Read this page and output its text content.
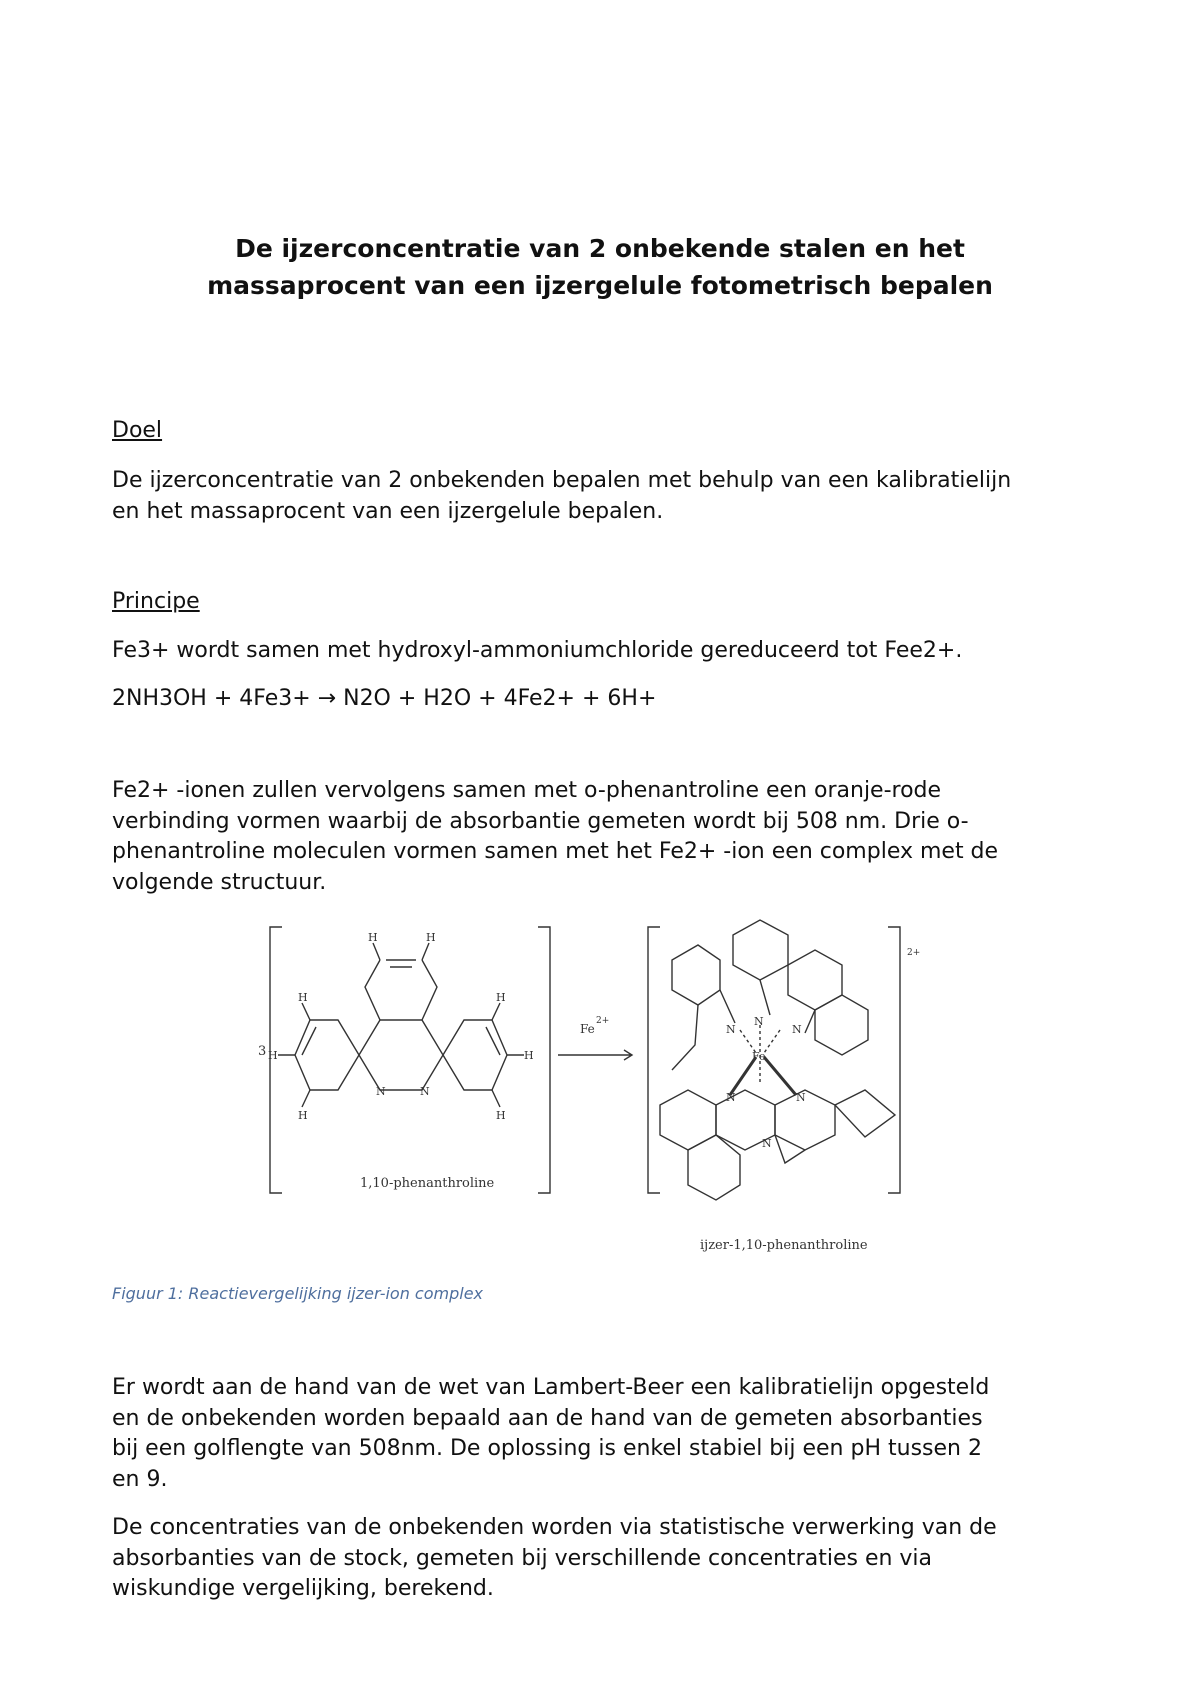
De ijzerconcentratie van 2 onbekende stalen en het
massaprocent van een ijzergelule fotometrisch bepalen
Doel
De ijzerconcentratie van 2 onbekenden bepalen met behulp van een kalibratielijn
en het massaprocent van een ijzergelule bepalen.
Principe
Fe3+ wordt samen met hydroxyl-ammoniumchloride gereduceerd tot Fee2+.
2NH3OH + 4Fe3+ → N2O + H2O + 4Fe2+ + 6H+
Fe2+ -ionen zullen vervolgens samen met o-phenantroline een oranje-rode
verbinding vormen waarbij de absorbantie gemeten wordt bij 508 nm. Drie o-
phenantroline moleculen vormen samen met het Fe2+ -ion een complex met de
volgende structuur.
3
H	H
H	H
H	H
H	H
N	N
1,10-phenanthroline
Fe
2+
2+
N
N	N
Fe
N	N
N
ijzer-1,10-phenanthroline
Figuur 1: Reactievergelijking ijzer-ion complex
Er wordt aan de hand van de wet van Lambert-Beer een kalibratielijn opgesteld
en de onbekenden worden bepaald aan de hand van de gemeten absorbanties
bij een golflengte van 508nm. De oplossing is enkel stabiel bij een pH tussen 2
en 9.
De concentraties van de onbekenden worden via statistische verwerking van de
absorbanties van de stock, gemeten bij verschillende concentraties en via
wiskundige vergelijking, berekend.
